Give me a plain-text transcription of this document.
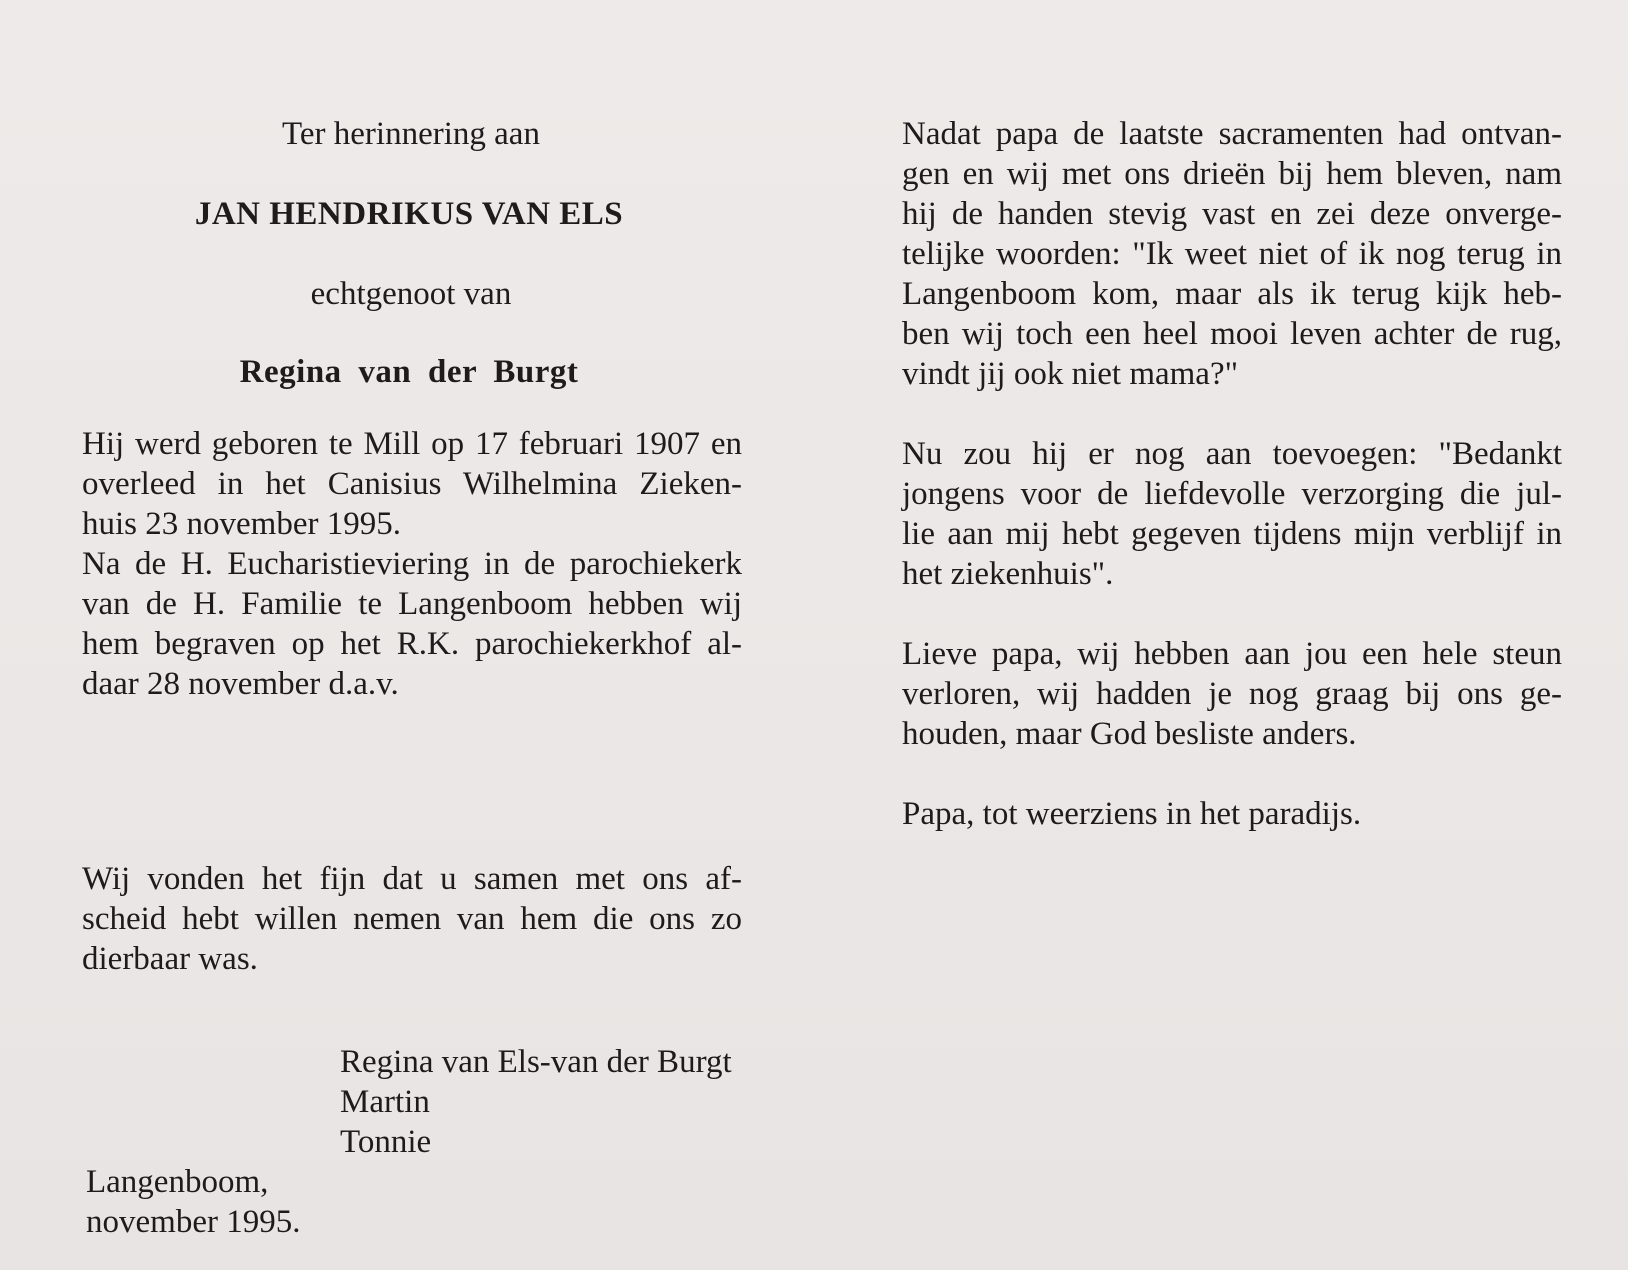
Ter herinnering aan
JAN HENDRIKUS VAN ELS
echtgenoot van
Regina van der Burgt
Hij werd geboren te Mill op 17 februari 1907 en
overleed in het Canisius Wilhelmina Zieken-
huis 23 november 1995.
Na de H. Eucharistieviering in de parochiekerk
van de H. Familie te Langenboom hebben wij
hem begraven op het R.K. parochiekerkhof al-
daar 28 november d.a.v.
Wij vonden het fijn dat u samen met ons af-
scheid hebt willen nemen van hem die ons zo
dierbaar was.
Regina van Els-van der Burgt
Martin
Tonnie
Langenboom,
november 1995.
Nadat papa de laatste sacramenten had ontvan-
gen en wij met ons drieën bij hem bleven, nam
hij de handen stevig vast en zei deze onverge-
telijke woorden: "Ik weet niet of ik nog terug in
Langenboom kom, maar als ik terug kijk heb-
ben wij toch een heel mooi leven achter de rug,
vindt jij ook niet mama?"
Nu zou hij er nog aan toevoegen: "Bedankt
jongens voor de liefdevolle verzorging die jul-
lie aan mij hebt gegeven tijdens mijn verblijf in
het ziekenhuis".
Lieve papa, wij hebben aan jou een hele steun
verloren, wij hadden je nog graag bij ons ge-
houden, maar God besliste anders.
Papa, tot weerziens in het paradijs.
